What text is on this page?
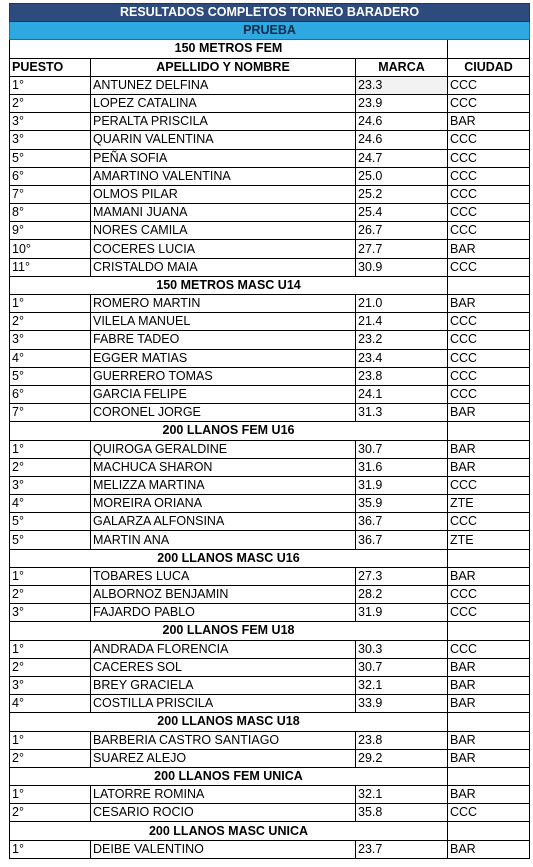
RESULTADOS COMPLETOS TORNEO BARADERO			
PRUEBA			
150 METROS FEM			
PUESTO	APELLIDO Y NOMBRE	MARCA	CIUDAD
1°	ANTUNEZ DELFINA	23.3	CCC
2°	LOPEZ CATALINA	23.9	CCC
3°	PERALTA PRISCILA	24.6	BAR
3°	QUARIN VALENTINA	24.6	CCC
5°	PEÑA SOFIA	24.7	CCC
6°	AMARTINO VALENTINA	25.0	CCC
7°	OLMOS PILAR	25.2	CCC
8°	MAMANI JUANA	25.4	CCC
9°	NORES CAMILA	26.7	CCC
10°	COCERES LUCIA	27.7	BAR
11°	CRISTALDO MAIA	30.9	CCC
150 METROS MASC U14			
1°	ROMERO MARTIN	21.0	BAR
2°	VILELA MANUEL	21.4	CCC
3°	FABRE TADEO	23.2	CCC
4°	EGGER MATIAS	23.4	CCC
5°	GUERRERO TOMAS	23.8	CCC
6°	GARCIA FELIPE	24.1	CCC
7°	CORONEL JORGE	31.3	BAR
200 LLANOS FEM U16			
1°	QUIROGA GERALDINE	30.7	BAR
2°	MACHUCA SHARON	31.6	BAR
3°	MELIZZA MARTINA	31.9	CCC
4°	MOREIRA ORIANA	35.9	ZTE
5°	GALARZA ALFONSINA	36.7	CCC
5°	MARTIN ANA	36.7	ZTE
200 LLANOS MASC U16			
1°	TOBARES LUCA	27.3	BAR
2°	ALBORNOZ BENJAMIN	28.2	CCC
3°	FAJARDO PABLO	31.9	CCC
200 LLANOS FEM U18			
1°	ANDRADA FLORENCIA	30.3	CCC
2°	CACERES SOL	30.7	BAR
3°	BREY GRACIELA	32.1	BAR
4°	COSTILLA PRISCILA	33.9	BAR
200 LLANOS MASC U18			
1°	BARBERIA CASTRO SANTIAGO	23.8	BAR
2°	SUAREZ ALEJO	29.2	BAR
200 LLANOS FEM UNICA			
1°	LATORRE ROMINA	32.1	BAR
2°	CESARIO ROCIO	35.8	CCC
200 LLANOS MASC UNICA			
1°	DEIBE VALENTINO	23.7	BAR
